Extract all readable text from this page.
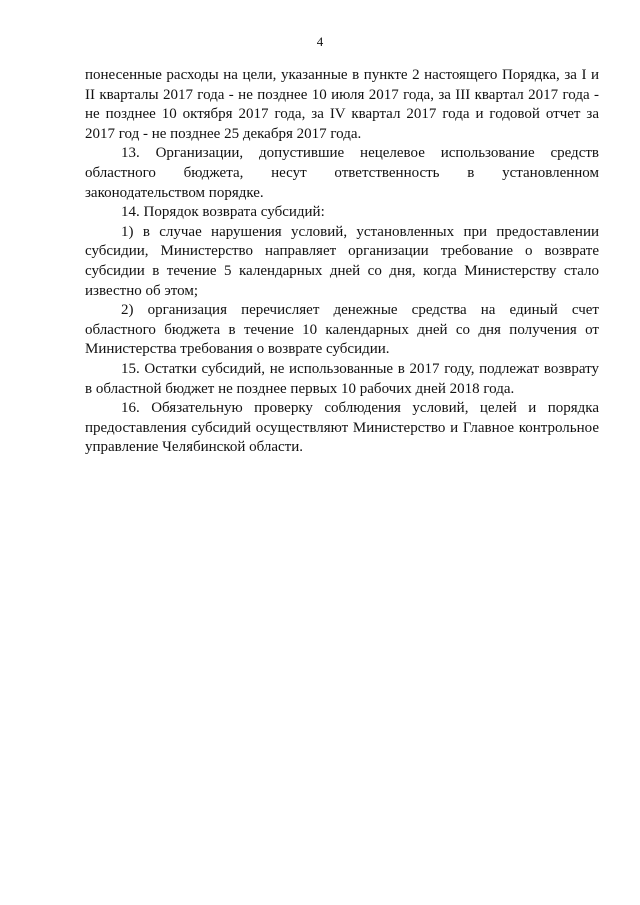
4

понесенные расходы на цели, указанные в пункте 2 настоящего Порядка, за I и II кварталы 2017 года - не позднее 10 июля 2017 года, за III квартал 2017 года - не позднее 10 октября 2017 года, за IV квартал 2017 года и годовой отчет за 2017 год - не позднее 25 декабря 2017 года.

13. Организации, допустившие нецелевое использование средств областного бюджета, несут ответственность в установленном законодательством порядке.

14. Порядок возврата субсидий:

1) в случае нарушения условий, установленных при предоставлении субсидии, Министерство направляет организации требование о возврате субсидии в течение 5 календарных дней со дня, когда Министерству стало известно об этом;

2) организация перечисляет денежные средства на единый счет областного бюджета в течение 10 календарных дней со дня получения от Министерства требования о возврате субсидии.

15. Остатки субсидий, не использованные в 2017 году, подлежат возврату в областной бюджет не позднее первых 10 рабочих дней 2018 года.

16. Обязательную проверку соблюдения условий, целей и порядка предоставления субсидий осуществляют Министерство и Главное контрольное управление Челябинской области.
